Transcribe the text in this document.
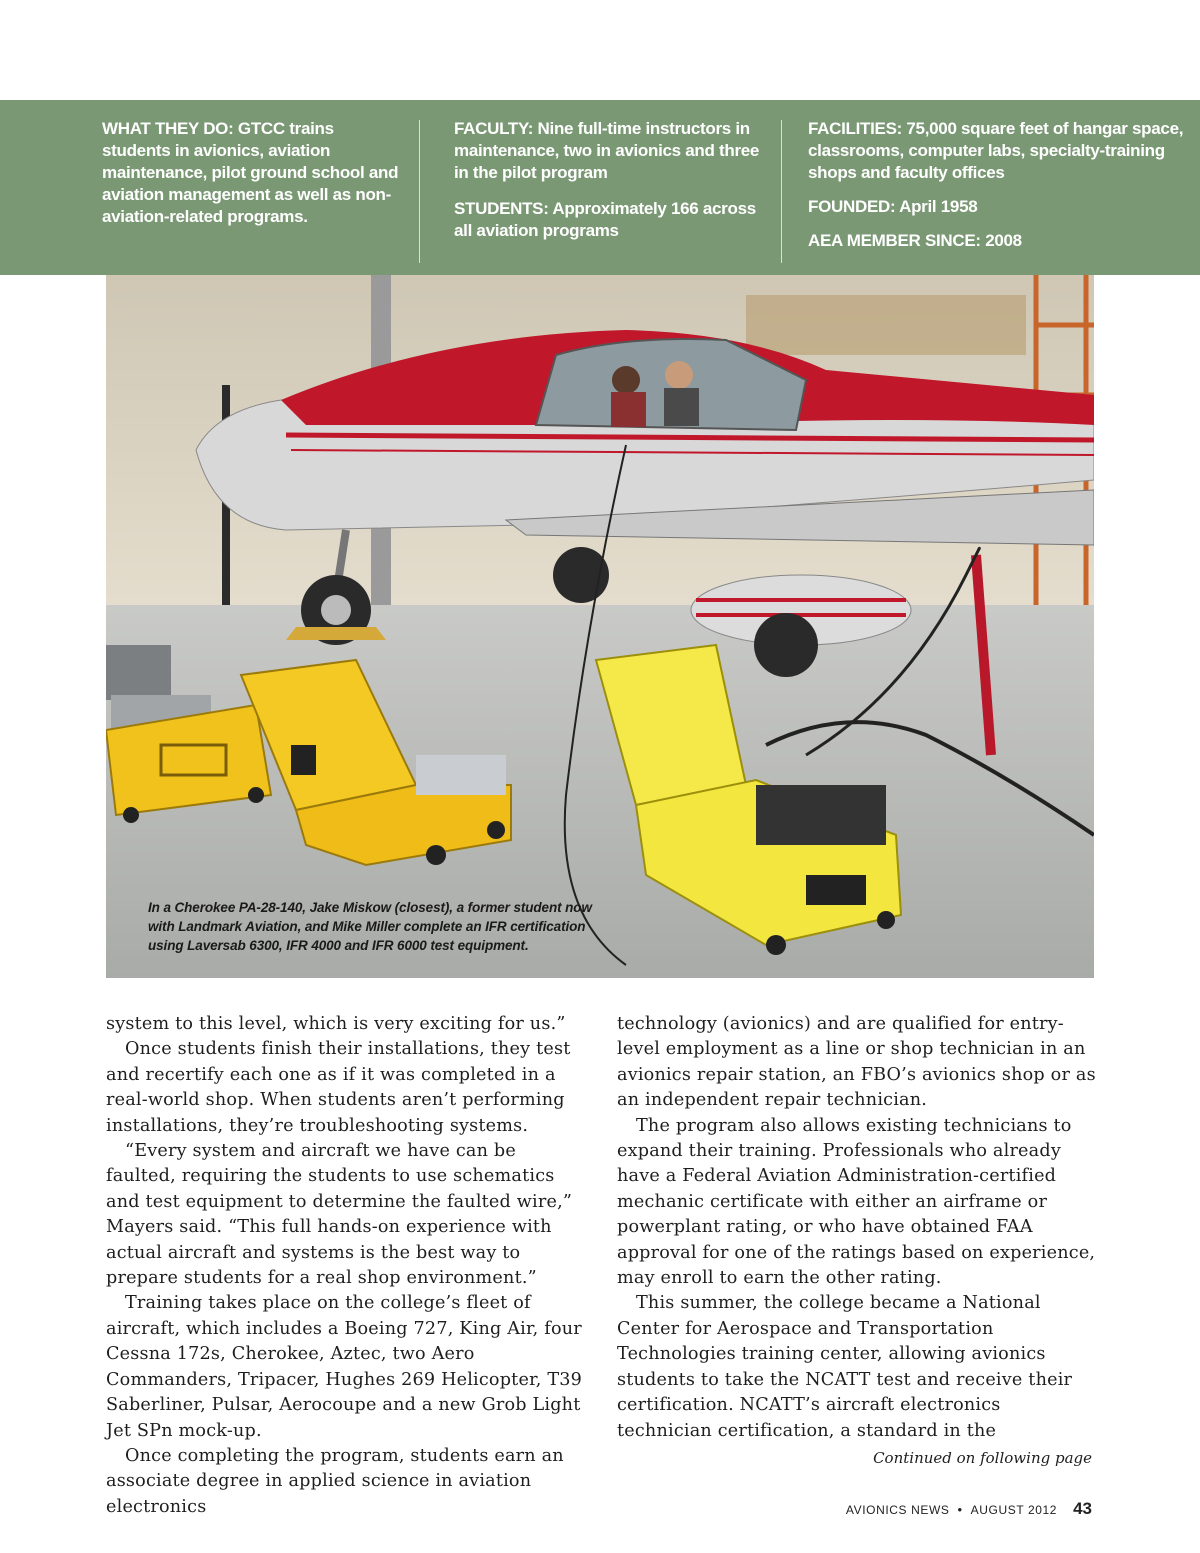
WHAT THEY DO: GTCC trains students in avionics, aviation maintenance, pilot ground school and aviation management as well as non-aviation-related programs.

FACULTY: Nine full-time instructors in maintenance, two in avionics and three in the pilot program

STUDENTS: Approximately 166 across all aviation programs

FACILITIES: 75,000 square feet of hangar space, classrooms, computer labs, specialty-training shops and faculty offices

FOUNDED: April 1958

AEA MEMBER SINCE: 2008

In a Cherokee PA-28-140, Jake Miskow (closest), a former student now
with Landmark Aviation, and Mike Miller complete an IFR certification
using Laversab 6300, IFR 4000 and IFR 6000 test equipment.

system to this level, which is very exciting for us.”

Once students finish their installations, they test and recertify each one as if it was completed in a real-world shop. When students aren’t performing installations, they’re troubleshooting systems.

“Every system and aircraft we have can be faulted, requiring the students to use schematics and test equipment to determine the faulted wire,” Mayers said. “This full hands-on experience with actual aircraft and systems is the best way to prepare students for a real shop environment.”

Training takes place on the college’s fleet of aircraft, which includes a Boeing 727, King Air, four Cessna 172s, Cherokee, Aztec, two Aero Commanders, Tripacer, Hughes 269 Helicopter, T39 Saberliner, Pulsar, Aerocoupe and a new Grob Light Jet SPn mock-up.

Once completing the program, students earn an associate degree in applied science in aviation electronics

technology (avionics) and are qualified for entry-level employment as a line or shop technician in an avionics repair station, an FBO’s avionics shop or as an independent repair technician.

The program also allows existing technicians to expand their training. Professionals who already have a Federal Aviation Administration-certified mechanic certificate with either an airframe or powerplant rating, or who have obtained FAA approval for one of the ratings based on experience, may enroll to earn the other rating.

This summer, the college became a National Center for Aerospace and Transportation Technologies training center, allowing avionics students to take the NCATT test and receive their certification. NCATT’s aircraft electronics technician certification, a standard in the

Continued on following page
AVIONICS NEWS • AUGUST 2012 43
